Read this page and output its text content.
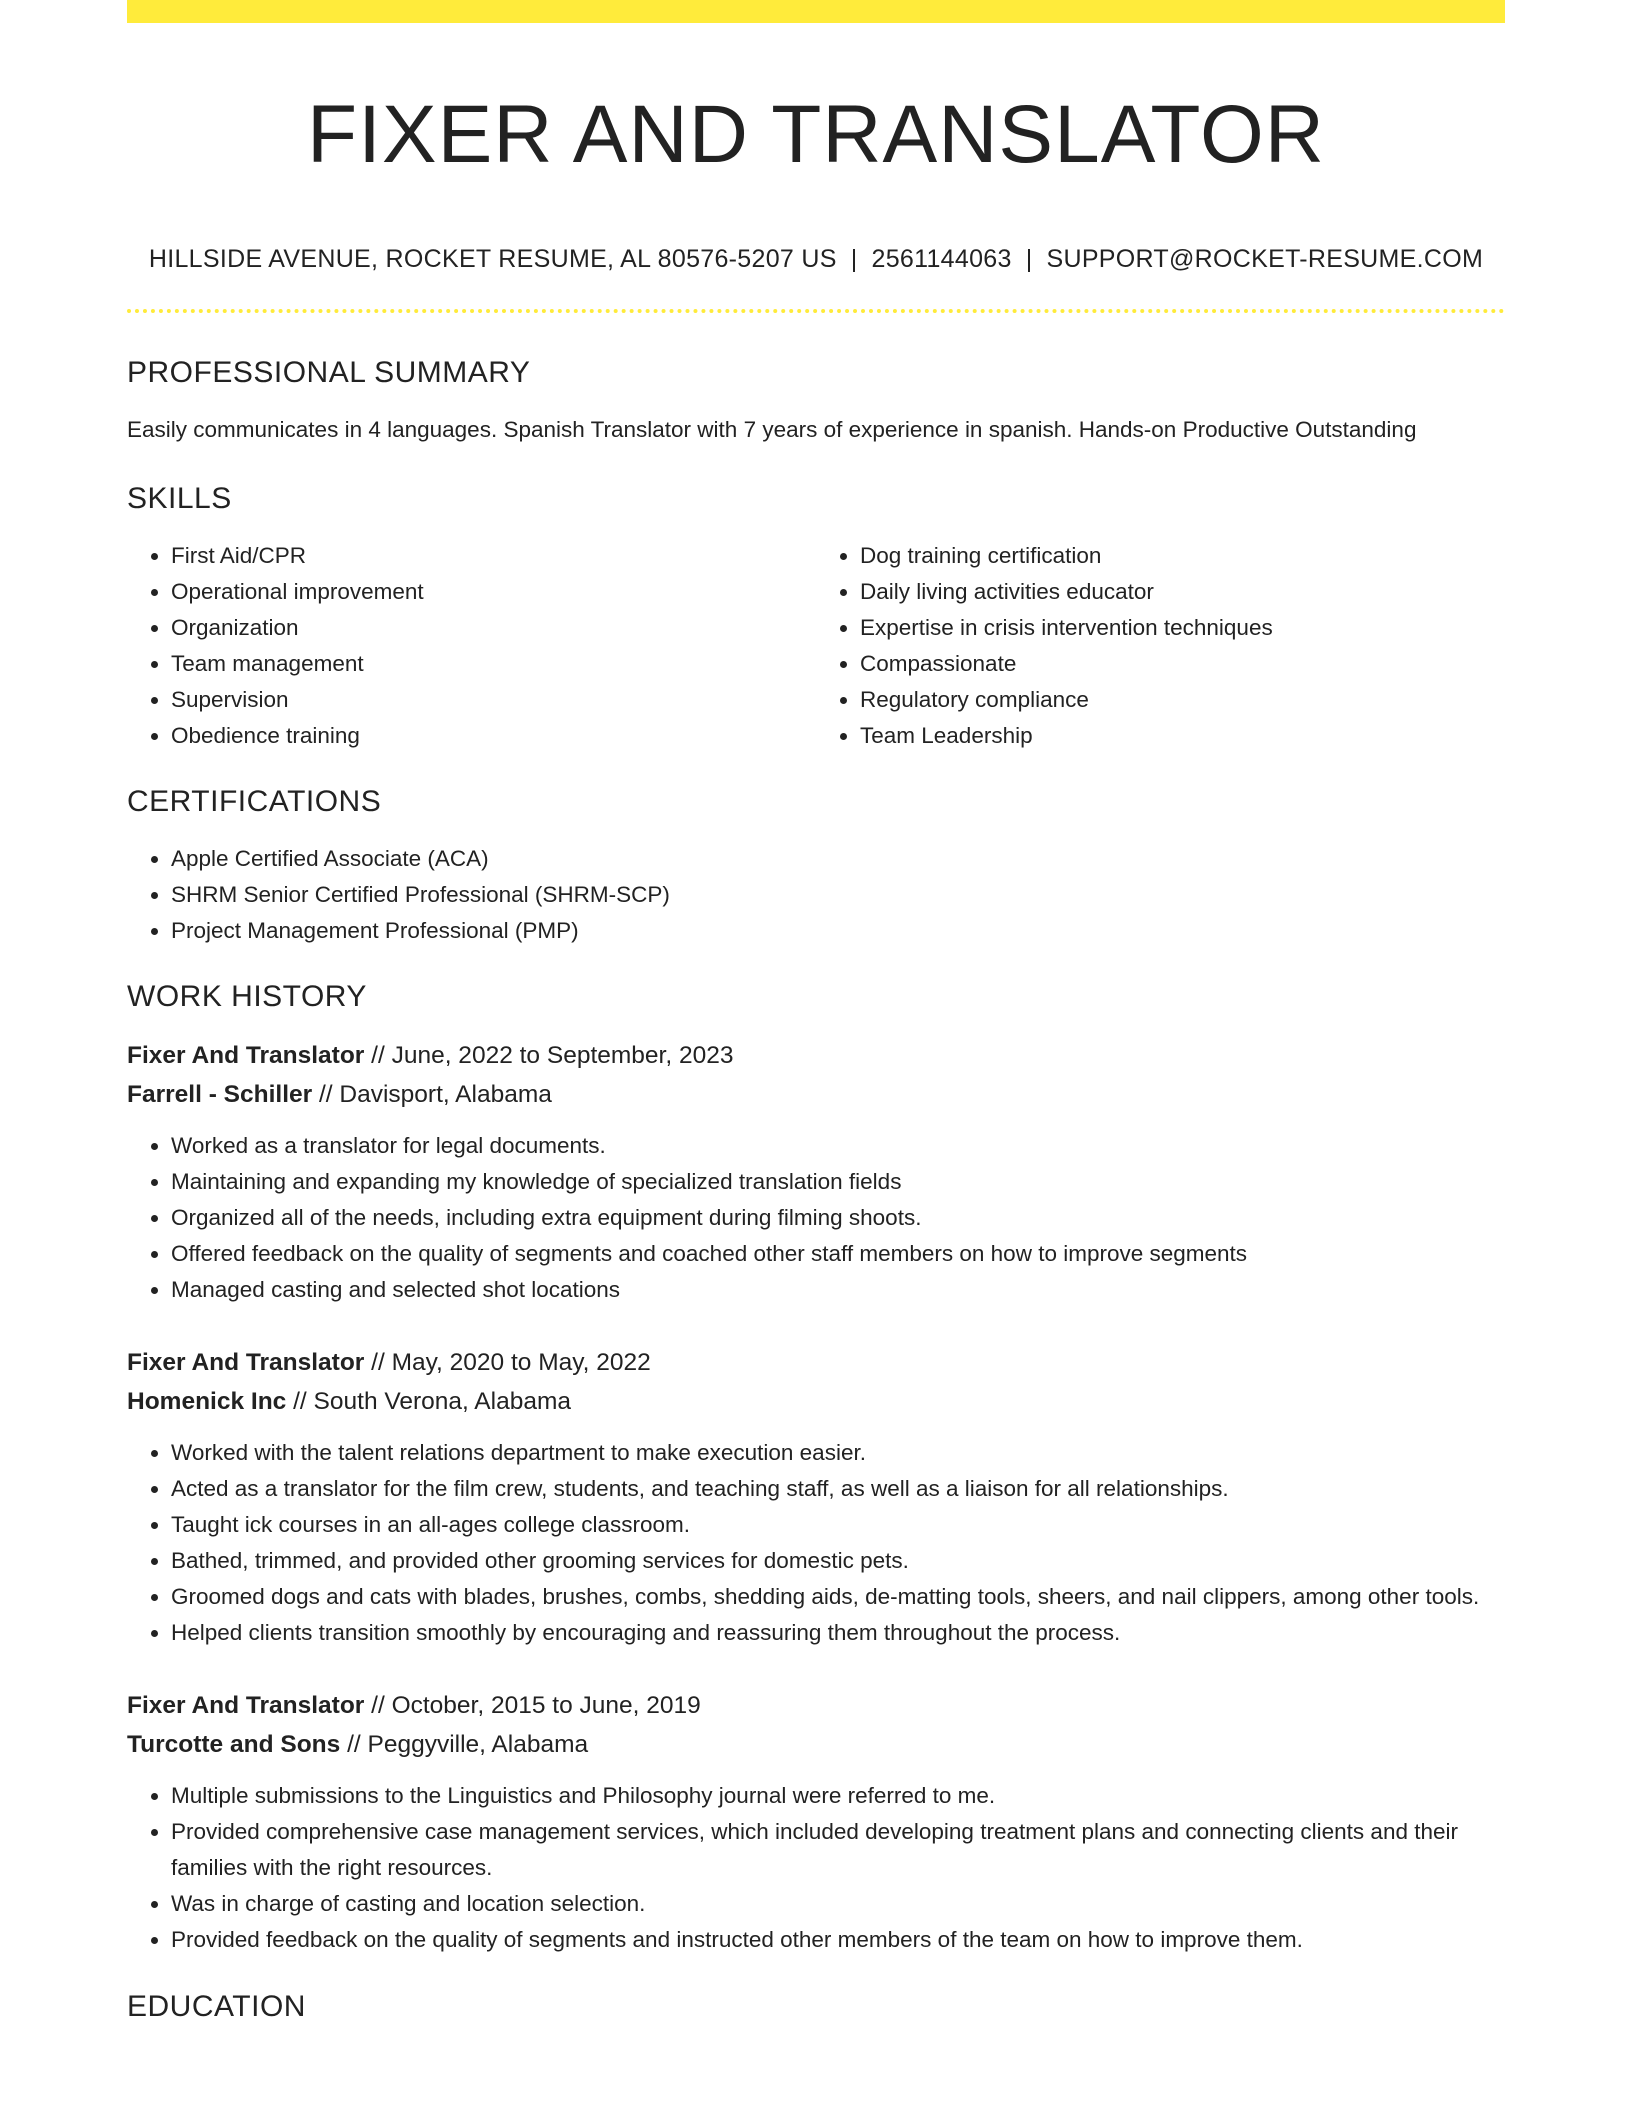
FIXER AND TRANSLATOR
HILLSIDE AVENUE, ROCKET RESUME, AL 80576-5207 US | 2561144063 | SUPPORT@ROCKET-RESUME.COM
PROFESSIONAL SUMMARY
Easily communicates in 4 languages. Spanish Translator with 7 years of experience in spanish. Hands-on Productive Outstanding
SKILLS
• First Aid/CPR
• Operational improvement
• Organization
• Team management
• Supervision
• Obedience training
• Dog training certification
• Daily living activities educator
• Expertise in crisis intervention techniques
• Compassionate
• Regulatory compliance
• Team Leadership
CERTIFICATIONS
• Apple Certified Associate (ACA)
• SHRM Senior Certified Professional (SHRM-SCP)
• Project Management Professional (PMP)
WORK HISTORY
Fixer And Translator // June, 2022 to September, 2023
Farrell - Schiller // Davisport, Alabama
• Worked as a translator for legal documents.
• Maintaining and expanding my knowledge of specialized translation fields
• Organized all of the needs, including extra equipment during filming shoots.
• Offered feedback on the quality of segments and coached other staff members on how to improve segments
• Managed casting and selected shot locations
Fixer And Translator // May, 2020 to May, 2022
Homenick Inc // South Verona, Alabama
• Worked with the talent relations department to make execution easier.
• Acted as a translator for the film crew, students, and teaching staff, as well as a liaison for all relationships.
• Taught ick courses in an all-ages college classroom.
• Bathed, trimmed, and provided other grooming services for domestic pets.
• Groomed dogs and cats with blades, brushes, combs, shedding aids, de-matting tools, sheers, and nail clippers, among other tools.
• Helped clients transition smoothly by encouraging and reassuring them throughout the process.
Fixer And Translator // October, 2015 to June, 2019
Turcotte and Sons // Peggyville, Alabama
• Multiple submissions to the Linguistics and Philosophy journal were referred to me.
• Provided comprehensive case management services, which included developing treatment plans and connecting clients and their families with the right resources.
• Was in charge of casting and location selection.
• Provided feedback on the quality of segments and instructed other members of the team on how to improve them.
EDUCATION
